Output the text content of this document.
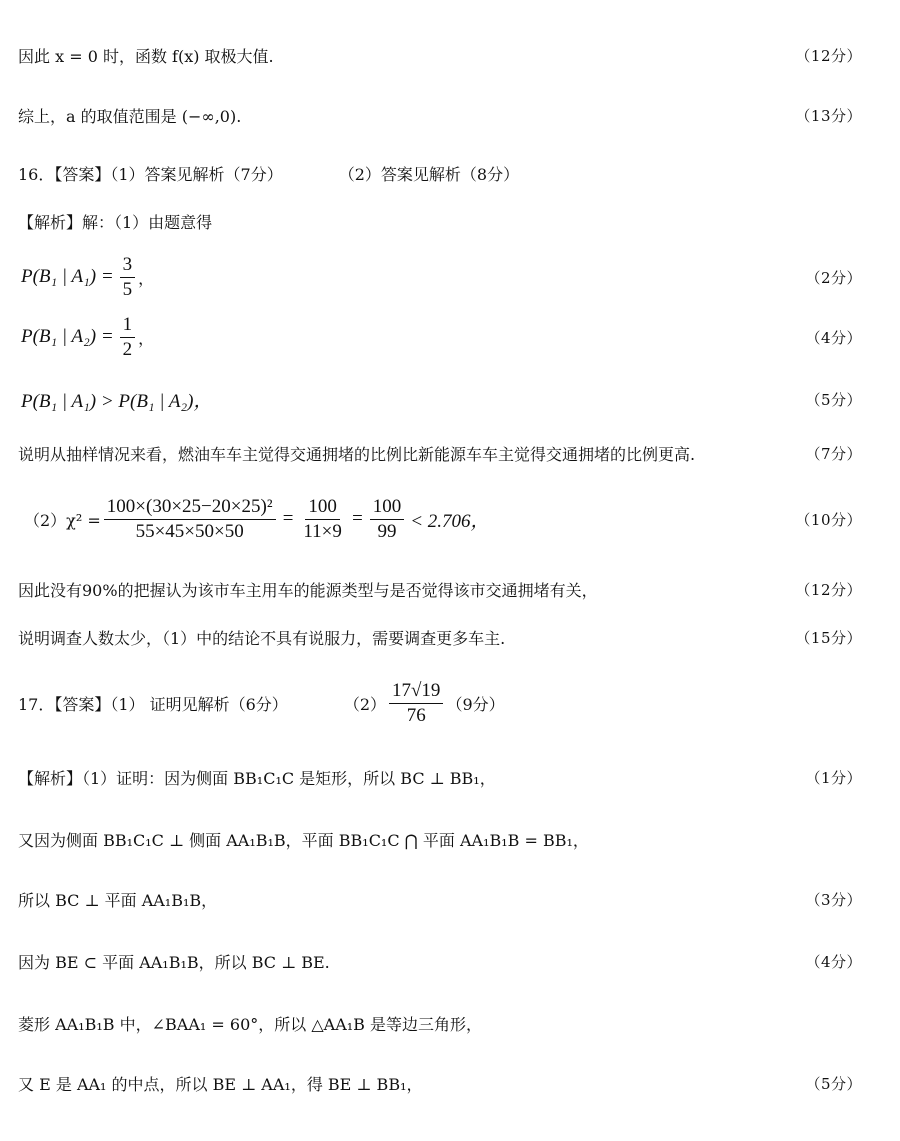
因此 x = 0 时，函数 f(x) 取极大值.	（12分）
综上，a 的取值范围是 (−∞,0).	（13分）
16．【答案】（1）答案见解析（7分）	（2）答案见解析（8分）
【解析】解：（1）由题意得
P(B₁ | $A_1) = \frac{3}{5}$ ，	（2分）
P(B₁ | $A_2) = \frac{1}{2}$ ，	（4分）
P(B₁ | A₁) > P(B₁ | A₂)，	（5分）
说明从抽样情况来看，燃油车车主觉得交通拥堵的比例比新能源车车主觉得交通拥堵的比例更高.	（7分）
$(2)\chi^2 = \frac{\text{100×(30×25−20×25)²}}{55\times 45\times 50\times 50} = \frac{100}{11\times 9} = \frac{100}{99} < 2.706$，	（10分）
因此没有90%的把握认为该市车主用车的能源类型与是否觉得该市交通拥堵有关，	（12分）
说明调查人数太少，（1）中的结论不具有说服力，需要调查更多车主.	（15分）
17．【答案】（1） 证明见解析（6分）	$(2) \frac{17√19}{76} (9$分）
【解析】（1）证明：因为侧面 BB₁C₁C 是矩形，所以 BC ⊥ BB₁，	（1分）
又因为侧面 BB₁C₁C ⊥ 侧面 AA₁B₁B，平面 BB₁C₁C ⋂ 平面 AA₁B₁B = BB₁，
所以 BC ⊥ 平面 AA₁B₁B，	（3分）
因为 BE ⊂ 平面 AA₁B₁B，所以 BC ⊥ BE.	（4分）
菱形 AA₁B₁B 中，∠BAA₁ = 60°，所以 △AA₁B 是等边三角形，
又 E 是 AA₁ 的中点，所以 BE ⊥ AA₁，得 BE ⊥ BB₁，	（5分）
